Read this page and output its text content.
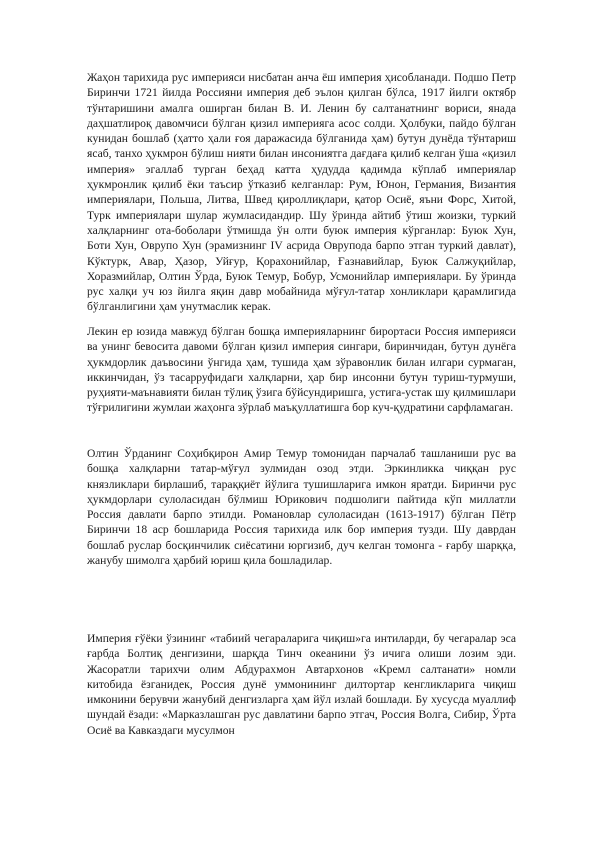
Жаҳон тарихида рус империяси нисбатан анча ёш империя ҳисобланади. Подшо Петр Биринчи 1721 йилда Россияни империя деб эълон қилган бўлса, 1917 йилги октябр тўнтаришини амалга оширган билан В. И. Ленин бу салтанатнинг вориси, янада даҳшатлироқ давомчиси бўлган қизил империяга асос солди. Ҳолбуки, пайдо бўлган кунидан бошлаб (ҳатто ҳали ғоя даражасида бўлганида ҳам) бутун дунёда тўнтариш ясаб, танхо ҳукмрон бўлиш нияти билан инсониятга дағдаға қилиб келган ўша «қизил империя» эгаллаб турган беҳад катта ҳудудда қадимда кўплаб империялар ҳукмронлик қилиб ёки таъсир ўтказиб келганлар: Рум, Юнон, Германия, Византия империялари, Польша, Литва, Швед қироллиқлари, қатор Осиё, яъни Форс, Хитой, Турк империялари шулар жумласидандир. Шу ўринда айтиб ўтиш жоизки, туркий халқларнинг ота-боболари ўтмишда ўн олти буюк империя кўрганлар: Буюк Хун, Боти Хун, Оврупо Хун (эрамизнинг IV асрида Оврупода барпо этган туркий давлат), Кўктурк, Авар, Ҳазор, Уйғур, Қорахонийлар, Ғазнавийлар, Буюк Салжуқийлар, Хоразмийлар, Олтин Ўрда, Буюк Темур, Бобур, Усмонийлар империялари. Бу ўринда рус халқи уч юз йилга яқин давр мобайнида мўғул-татар хонликлари қарамлигида бўлганлигини ҳам унутмаслик керак.

Лекин ер юзида мавжуд бўлган бошқа империяларнинг бирортаси Россия империяси ва унинг бевосита давоми бўлган қизил империя сингари, биринчидан, бутун дунёга ҳукмдорлик даъвосини ўнгида ҳам, тушида ҳам зўравонлик билан илгари сурмаган, иккинчидан, ўз тасарруфидаги халқларни, ҳар бир инсонни бутун туриш-турмуши, руҳияти-маънавияти билан тўлиқ ўзига бўйсундиришга, устига-устак шу қилмишлари тўғрилигини жумлаи жаҳонга зўрлаб маъқуллатишга бор куч-қудратини сарфламаган.

Олтин Ўрданинг Соҳибқирон Амир Темур томонидан парчалаб ташланиши рус ва бошқа халқларни татар-мўғул зулмидан озод этди. Эркинликка чиққан рус князликлари бирлашиб, тараққиёт йўлига тушишларига имкон яратди. Биринчи рус ҳукмдорлари сулоласидан бўлмиш Юрикович подшолиги пайтида кўп миллатли Россия давлати барпо этилди. Романовлар сулоласидан (1613-1917) бўлган Пётр Биринчи 18 аср бошларида Россия тарихида илк бор империя тузди. Шу даврдан бошлаб руслар босқинчилик сиёсатини юргизиб, дуч келган томонга - ғарбу шарққа, жанубу шимолга ҳарбий юриш қила бошладилар.

Империя ғўёки ўзининг «табиий чегараларига чиқиш»га интиларди, бу чегаралар эса ғарбда Болтиқ денгизини, шарқда Тинч океанини ўз ичига олиши лозим эди. Жасоратли тарихчи олим Абдурахмон Автархонов «Кремл салтанати» номли китобида ёзганидек, Россия дунё уммонининг дилтортар кенгликларига чиқиш имконини берувчи жанубий денгизларга ҳам йўл излай бошлади. Бу хусусда муаллиф шундай ёзади: «Марказлашган рус давлатини барпо этгач, Россия Волга, Сибир, Ўрта Осиё ва Кавказдаги мусулмон
